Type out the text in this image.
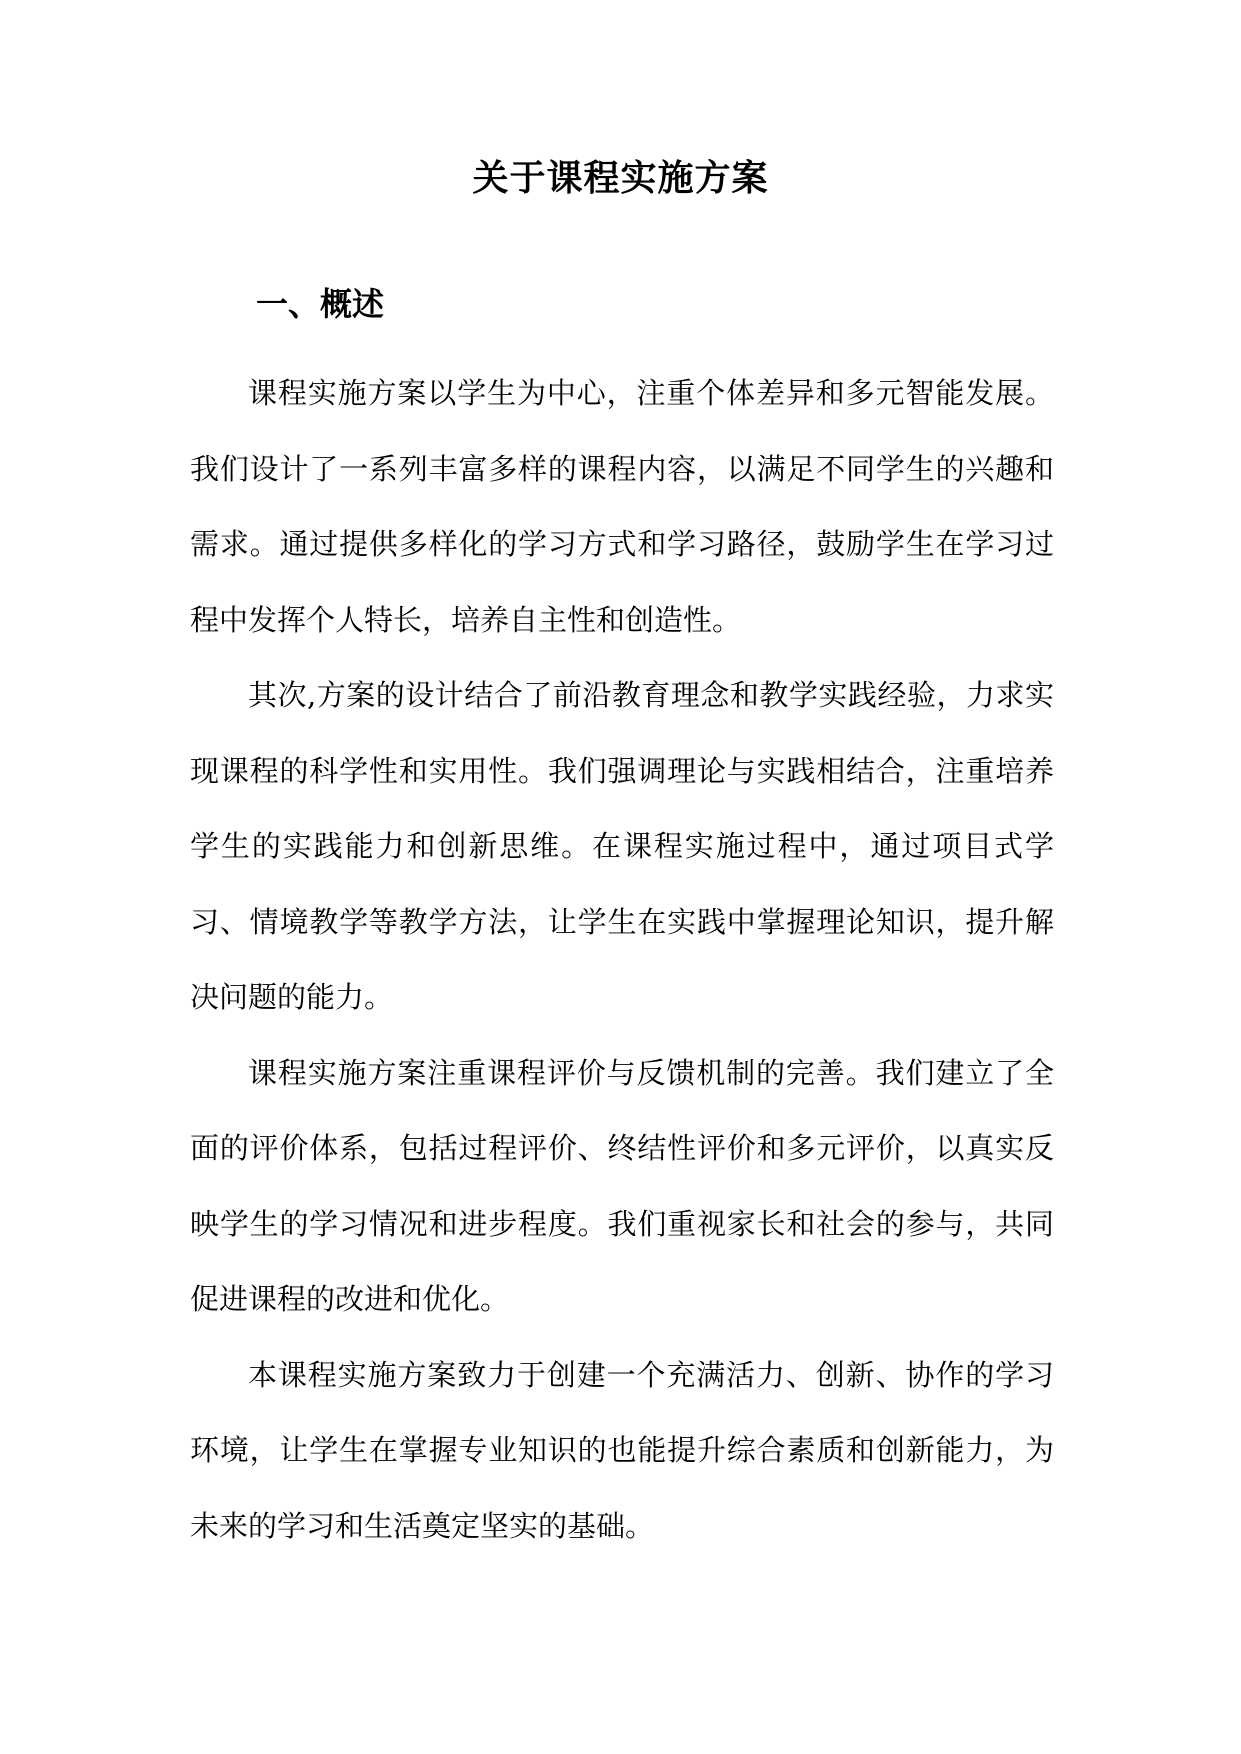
关于课程实施方案
一、概述

课程实施方案以学生为中心，注重个体差异和多元智能发展。我们设计了一系列丰富多样的课程内容，以满足不同学生的兴趣和需求。通过提供多样化的学习方式和学习路径，鼓励学生在学习过程中发挥个人特长，培养自主性和创造性。

其次,方案的设计结合了前沿教育理念和教学实践经验，力求实现课程的科学性和实用性。我们强调理论与实践相结合，注重培养学生的实践能力和创新思维。在课程实施过程中，通过项目式学习、情境教学等教学方法，让学生在实践中掌握理论知识，提升解决问题的能力。

课程实施方案注重课程评价与反馈机制的完善。我们建立了全面的评价体系，包括过程评价、终结性评价和多元评价，以真实反映学生的学习情况和进步程度。我们重视家长和社会的参与，共同促进课程的改进和优化。

本课程实施方案致力于创建一个充满活力、创新、协作的学习环境，让学生在掌握专业知识的也能提升综合素质和创新能力，为未来的学习和生活奠定坚实的基础。
